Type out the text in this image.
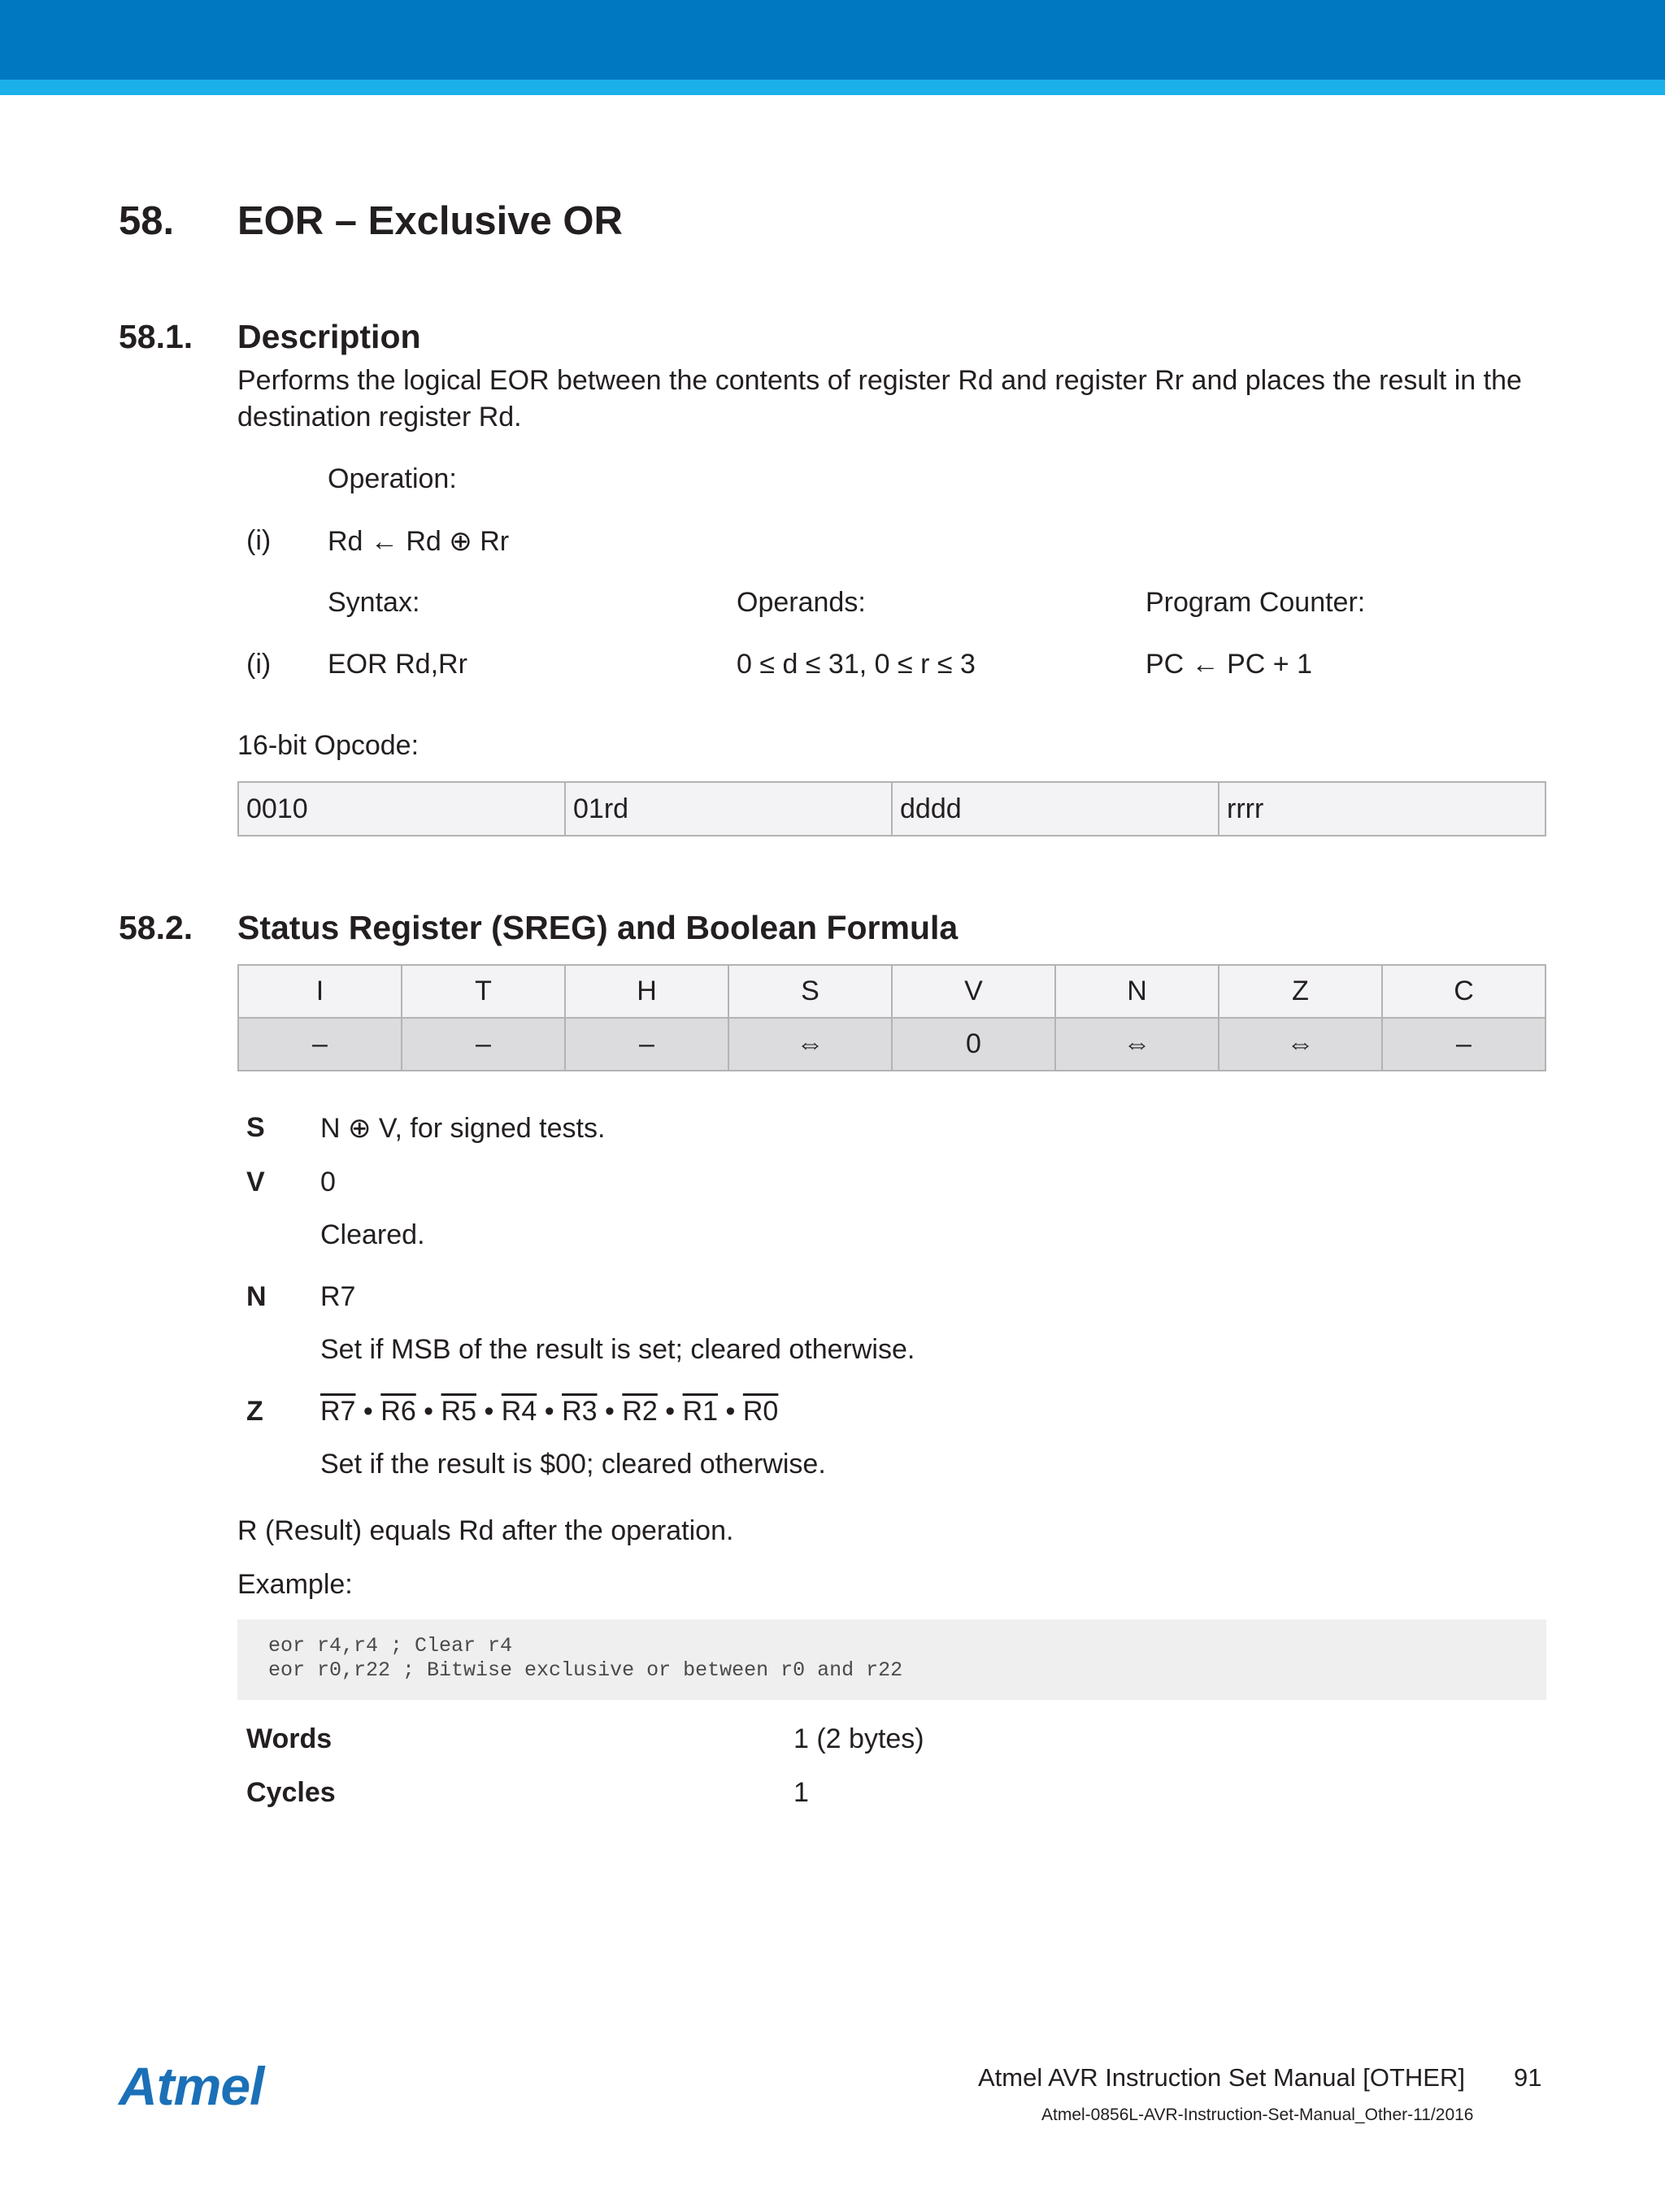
58. EOR – Exclusive OR
58.1. Description
Performs the logical EOR between the contents of register Rd and register Rr and places the result in the
destination register Rd.
Operation:
(i) Rd ← Rd ⊕ Rr
Syntax:	Operands:	Program Counter:
(i) EOR Rd,Rr	0 ≤ d ≤ 31, 0 ≤ r ≤ 3	PC ← PC + 1
16-bit Opcode:
0010	01rd	dddd	rrrr
58.2. Status Register (SREG) and Boolean Formula
I	T	H	S	V	N	Z	C
–	–	–	⇔	0	⇔	⇔	–
S N ⊕ V, for signed tests.
V 0
Cleared.
N R7
Set if MSB of the result is set; cleared otherwise.
Z R7 • R6 • R5 • R4 • R3 • R2 • R1 • R0
Set if the result is $00; cleared otherwise.
R (Result) equals Rd after the operation.
Example:
eor r4,r4 ; Clear r4
eor r0,r22 ; Bitwise exclusive or between r0 and r22
Words	1 (2 bytes)
Cycles	1
Atmel	Atmel AVR Instruction Set Manual [OTHER] 91
Atmel-0856L-AVR-Instruction-Set-Manual_Other-11/2016
